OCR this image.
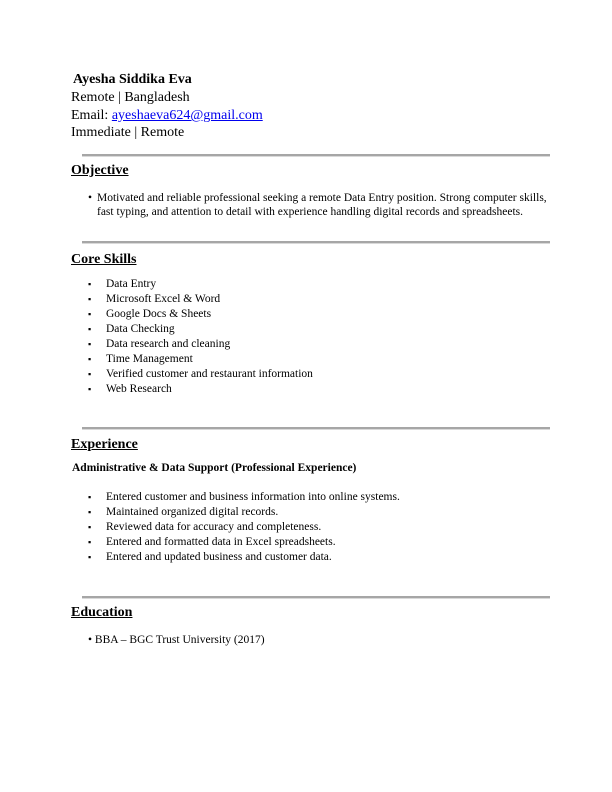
Ayesha Siddika Eva
Remote | Bangladesh
Email: ayeshaeva624@gmail.com
Immediate | Remote
Objective
• Motivated and reliable professional seeking a remote Data Entry position. Strong computer skills, fast typing, and attention to detail with experience handling digital records and spreadsheets.
Core Skills
▪ Data Entry
▪ Microsoft Excel & Word
▪ Google Docs & Sheets
▪ Data Checking
▪ Data research and cleaning
▪ Time Management
▪ Verified customer and restaurant information
▪ Web Research
Experience
Administrative & Data Support (Professional Experience)
▪ Entered customer and business information into online systems.
▪ Maintained organized digital records.
▪ Reviewed data for accuracy and completeness.
▪ Entered and formatted data in Excel spreadsheets.
▪ Entered and updated business and customer data.
Education
• BBA – BGC Trust University (2017)
